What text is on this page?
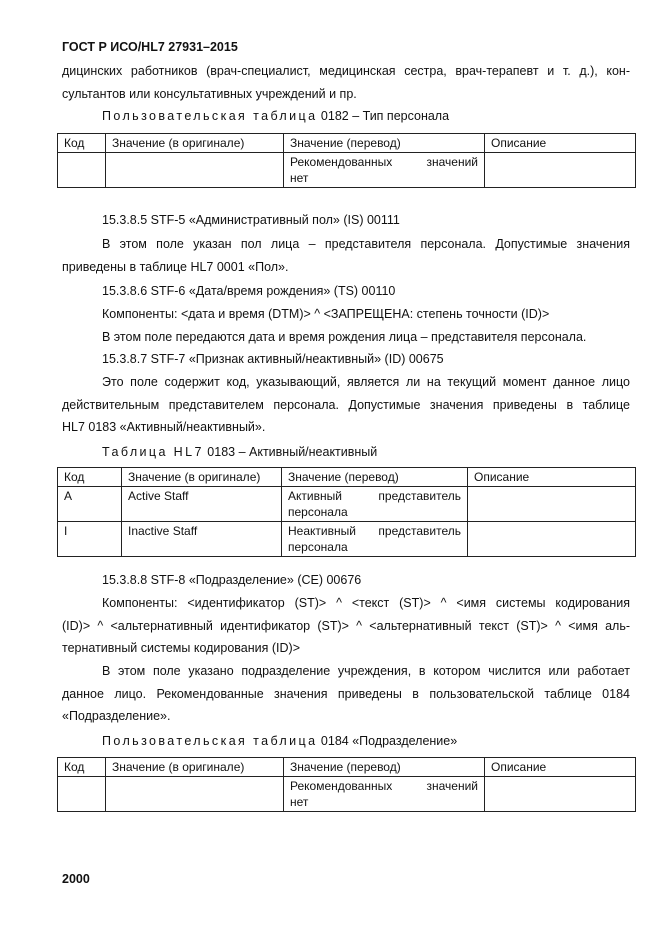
ГОСТ Р ИСО/HL7 27931–2015
дицинских работников (врач-специалист, медицинская сестра, врач-терапевт и т. д.), кон-
сультантов или консультативных учреждений и пр.
Пользовательская таблица 0182 – Тип персонала
Код	Значение (в оригинале)	Значение (перевод)	Описание

		Рекомендованных значений
нет	
15.3.8.5 STF-5 «Административный пол» (IS) 00111
В этом поле указан пол лица – представителя персонала. Допустимые значения
приведены в таблице HL7 0001 «Пол».
15.3.8.6 STF-6 «Дата/время рождения» (TS) 00110
Компоненты: <дата и время (DTM)> ^ <ЗАПРЕЩЕНА: степень точности (ID)>
В этом поле передаются дата и время рождения лица – представителя персонала.
15.3.8.7 STF-7 «Признак активный/неактивный» (ID) 00675
Это поле содержит код, указывающий, является ли на текущий момент данное лицо
действительным представителем персонала. Допустимые значения приведены в таблице
HL7 0183 «Активный/неактивный».
Таблица HL7 0183 – Активный/неактивный
Код	Значение (в оригинале)	Значение (перевод)	Описание
A	Active Staff	Активный представитель
персонала	
I	Inactive Staff	Неактивный представитель
персонала	
15.3.8.8 STF-8 «Подразделение» (CE) 00676
Компоненты: <идентификатор (ST)> ^ <текст (ST)> ^ <имя системы кодирования
(ID)> ^ <альтернативный идентификатор (ST)> ^ <альтернативный текст (ST)> ^ <имя аль-
тернативный системы кодирования (ID)>
В этом поле указано подразделение учреждения, в котором числится или работает
данное лицо. Рекомендованные значения приведены в пользовательской таблице 0184
«Подразделение».
Пользовательская таблица 0184 «Подразделение»
Код	Значение (в оригинале)	Значение (перевод)	Описание

		Рекомендованных значений
нет	
2000
